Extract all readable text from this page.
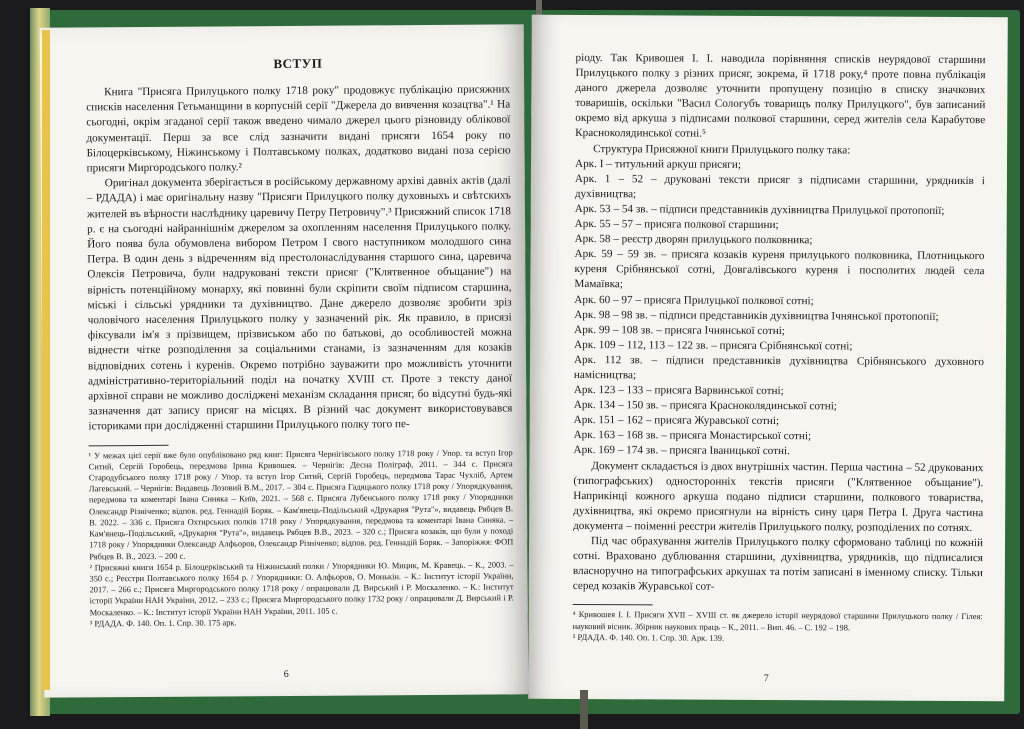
ВСТУП

Книга "Присяга Прилуцького полку 1718 року" продовжує публікацію присяжних списків населення Гетьманщини в корпусній серії "Джерела до вивчення козацтва".¹ На сьогодні, окрім згаданої серії також введено чимало джерел цього різновиду облікової документації. Перш за все слід зазначити видані присяги 1654 року по Білоцерківському, Ніжинському і Полтавському полках, додатково видані поза серією присяги Миргородського полку.²

Оригінал документа зберігається в російському державному архіві давніх актів (далі – РДАДА) і має оригінальну назву "Присяги Прилуцкого полку духовныхъ и свѣтскихъ жителей въ вѣрности наслѣднику царевичу Петру Петровичу".³ Присяжний список 1718 р. є на сьогодні найраннішнім джерелом за охопленням населення Прилуцького полку. Його поява була обумовлена вибором Петром І свого наступником молодшого сина Петра. В один день з відреченням від престолонаслідування старшого сина, царевича Олексія Петровича, були надруковані тексти присяг ("Клятвенное объщание") на вірність потенційному монарху, які повинні були скріпити своїм підписом старшина, міські і сільські урядники та духівництво. Дане джерело дозволяє зробити зріз чоловічого населення Прилуцького полку у зазначений рік. Як правило, в присязі фіксували ім'я з прізвищем, прізвиськом або по батькові, до особливостей можна віднести чітке розподілення за соціальними станами, із зазначенням для козаків відповідних сотень і куренів. Окремо потрібно зауважити про можливість уточнити адміністративно-територіальний поділ на початку XVIII ст. Проте з тексту даної архівної справи не можливо досліджені механізм складання присяг, бо відсутні будь-які зазначення дат запису присяг на місцях. В різний час документ використовувався істориками при дослідженні старшини Прилуцького полку того пе-

¹ У межах цієї серії вже було опубліковано ряд книг: Присяга Чернігівського полку 1718 року / Упор. та вступ Ігор Ситий, Сергій Горобець, передмова Ірина Кривошея. – Чернігів: Десна Поліграф, 2011. – 344 с. Присяга Стародубського полку 1718 року / Упор. та вступ Ігор Ситий, Сергій Горобець, передмова Тарас Чухліб, Артем Лагевський. – Чернігів: Видавець Лозовий В.М., 2017. – 304 с. Присяга Гадяцького полку 1718 року / Упорядкування, передмова та коментарі Івана Синяка – Київ, 2021. – 568 с. Присяга Лубенського полку 1718 року / Упорядники Олександр Різніченко; відпов. ред. Геннадій Боряк. – Кам'янець-Подільський «Друкарня "Рута"», видавець Рябцев В. В. 2022. – 336 с. Присяга Охтирських полків 1718 року / Упорядкування, передмова та коментарі Івана Синяка. – Кам'янець-Подільський, «Друкарня "Рута"», видавець Рябцев В.В., 2023. – 320 с.; Присяга козаків, що були у поході 1718 року / Упорядники Олександр Алфьоров, Олександр Різніченко; відпов. ред. Геннадій Боряк. – Запоріжжя: ФОП Рябцев В. В., 2023. – 200 с.

² Присяжні книги 1654 р. Білоцерківський та Ніжинський полки / Упорядники Ю. Мицик, М. Кравець. – К., 2003. – 350 с.; Реєстри Полтавського полку 1654 р. / Упорядники: О. Алфьоров, О. Монькін. – К.: Інститут історії України, 2017. – 266 с.; Присяга Миргородського полку 1718 року / опрацювали Д. Вирський і Р. Москаленко. – К.: Інститут історії України НАН України, 2012. – 233 с.; Присяга Миргородського полку 1732 року / опрацювали Д. Вирський і Р. Москаленко. – К.: Інститут історії України НАН України, 2011. 105 с.

³ РДАДА. Ф. 140. Оп. 1. Спр. 30. 175 арк.

6

ріоду. Так Кривошея І. І. наводила порівняння списків неурядової старшини Прилуцького полку з різних присяг, зокрема, й 1718 року,⁴ проте повна публікація даного джерела дозволяє уточнити пропущену позицію в списку значкових товаришів, оскільки "Васил Сологубъ товарищъ полку Прилуцкого", був записаний окремо від аркуша з підписами полкової старшини, серед жителів села Карабутове Красноколядинської сотні.⁵

Структура Присяжної книги Прилуцького полку така:

Арк. І – титульний аркуш присяги;

Арк. 1 – 52 – друковані тексти присяг з підписами старшини, урядників і духівництва;

Арк. 53 – 54 зв. – підписи представників духівництва Прилуцької протопопії;

Арк. 55 – 57 – присяга полкової старшини;

Арк. 58 – реєстр дворян прилуцького полковника;

Арк. 59 – 59 зв. – присяга козаків куреня прилуцького полковника, Плотницького куреня Срібнянської сотні, Довгалівського куреня і посполитих людей села Мамаївка;

Арк. 60 – 97 – присяга Прилуцької полкової сотні;

Арк. 98 – 98 зв. – підписи представників духівництва Ічнянської протопопії;

Арк. 99 – 108 зв. – присяга Ічнянської сотні;

Арк. 109 – 112, 113 – 122 зв. – присяга Срібнянської сотні;

Арк. 112 зв. – підписи представників духівництва Срібнянського духовного намісництва;

Арк. 123 – 133 – присяга Варвинської сотні;

Арк. 134 – 150 зв. – присяга Красноколядинської сотні;

Арк. 151 – 162 – присяга Журавської сотні;

Арк. 163 – 168 зв. – присяга Монастирської сотні;

Арк. 169 – 174 зв. – присяга Іваницької сотні.

Документ складається із двох внутрішніх частин. Перша частина – 52 друкованих (типографських) односторонніх текстів присяги ("Клятвенное объщание"). Наприкінці кожного аркуша подано підписи старшини, полкового товариства, духівництва, які окремо присягнули на вірність сину царя Петра І. Друга частина документа – поіменні реєстри жителів Прилуцького полку, розподілених по сотнях.

Під час обрахування жителів Прилуцького полку сформовано таблиці по кожній сотні. Враховано дублювання старшини, духівництва, урядників, що підписалися власноручно на типографських аркушах та потім записані в іменному списку. Тільки серед козаків Журавської сот-

⁴ Кривошея І. І. Присяги XVII – XVIII ст. як джерело історії неурядової старшини Прилуцького полку / Гілея: науковий вісник. Збірник наукових праць – К., 2011. – Вип. 46. – С. 192 – 198.

⁵ РДАДА. Ф. 140. Оп. 1. Спр. 30. Арк. 139.

7
